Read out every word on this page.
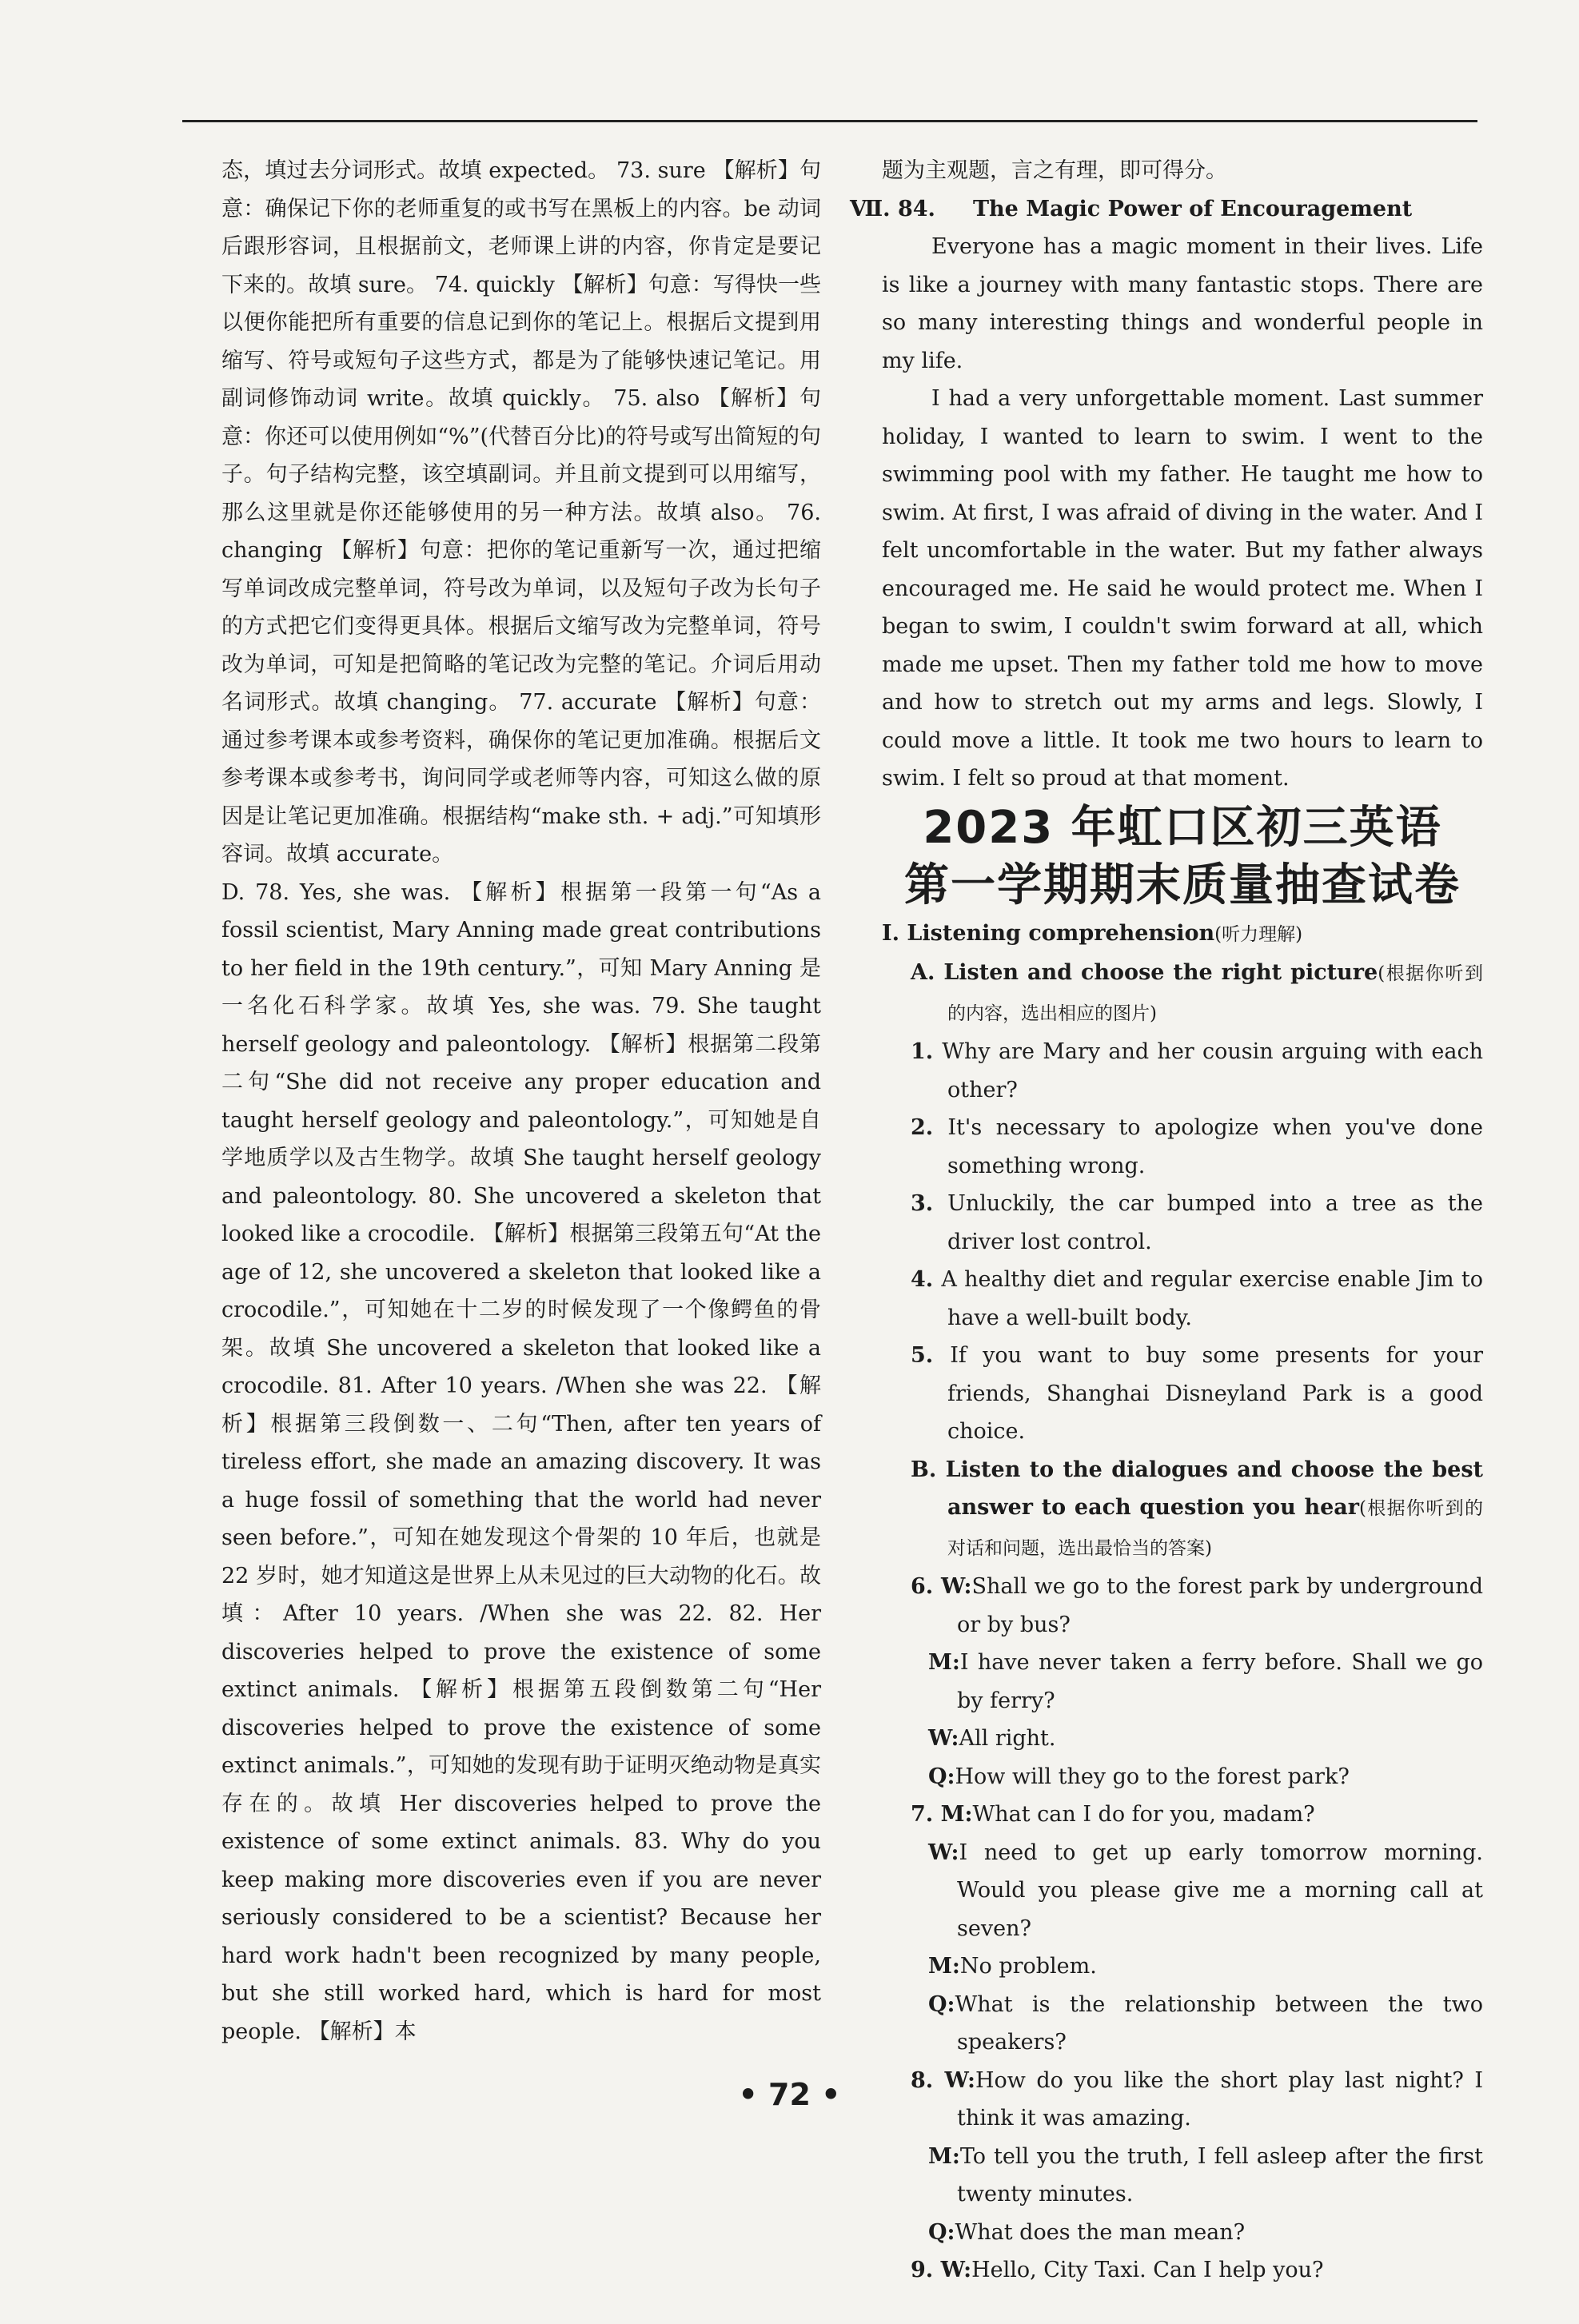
态，填过去分词形式。故填 expected。 73. sure 【解析】句意：确保记下你的老师重复的或书写在黑板上的内容。be 动词后跟形容词，且根据前文，老师课上讲的内容，你肯定是要记下来的。故填 sure。 74. quickly 【解析】句意：写得快一些以便你能把所有重要的信息记到你的笔记上。根据后文提到用缩写、符号或短句子这些方式，都是为了能够快速记笔记。用副词修饰动词 write。故填 quickly。 75. also 【解析】句意：你还可以使用例如“%”(代替百分比)的符号或写出简短的句子。句子结构完整，该空填副词。并且前文提到可以用缩写，那么这里就是你还能够使用的另一种方法。故填 also。 76. changing 【解析】句意：把你的笔记重新写一次，通过把缩写单词改成完整单词，符号改为单词，以及短句子改为长句子的方式把它们变得更具体。根据后文缩写改为完整单词，符号改为单词，可知是把简略的笔记改为完整的笔记。介词后用动名词形式。故填 changing。 77. accurate 【解析】句意：通过参考课本或参考资料，确保你的笔记更加准确。根据后文参考课本或参考书，询问同学或老师等内容，可知这么做的原因是让笔记更加准确。根据结构“make sth. + adj.”可知填形容词。故填 accurate。

D. 78. Yes, she was. 【解析】根据第一段第一句“As a fossil scientist, Mary Anning made great contributions to her field in the 19th century.”，可知 Mary Anning 是一名化石科学家。故填 Yes, she was. 79. She taught herself geology and paleontology. 【解析】根据第二段第二句“She did not receive any proper education and taught herself geology and paleontology.”，可知她是自学地质学以及古生物学。故填 She taught herself geology and paleontology. 80. She uncovered a skeleton that looked like a crocodile. 【解析】根据第三段第五句“At the age of 12, she uncovered a skeleton that looked like a crocodile.”，可知她在十二岁的时候发现了一个像鳄鱼的骨架。故填 She uncovered a skeleton that looked like a crocodile. 81. After 10 years. /When she was 22. 【解析】根据第三段倒数一、二句“Then, after ten years of tireless effort, she made an amazing discovery. It was a huge fossil of something that the world had never seen before.”，可知在她发现这个骨架的 10 年后，也就是 22 岁时，她才知道这是世界上从未见过的巨大动物的化石。故填：After 10 years. /When she was 22. 82. Her discoveries helped to prove the existence of some extinct animals. 【解析】根据第五段倒数第二句“Her discoveries helped to prove the existence of some extinct animals.”，可知她的发现有助于证明灭绝动物是真实存在的。故填 Her discoveries helped to prove the existence of some extinct animals. 83. Why do you keep making more discoveries even if you are never seriously considered to be a scientist? Because her hard work hadn't been recognized by many people, but she still worked hard, which is hard for most people. 【解析】本

题为主观题，言之有理，即可得分。

Ⅶ. 84. The Magic Power of Encouragement

Everyone has a magic moment in their lives. Life is like a journey with many fantastic stops. There are so many interesting things and wonderful people in my life.

I had a very unforgettable moment. Last summer holiday, I wanted to learn to swim. I went to the swimming pool with my father. He taught me how to swim. At first, I was afraid of diving in the water. And I felt uncomfortable in the water. But my father always encouraged me. He said he would protect me. When I began to swim, I couldn't swim forward at all, which made me upset. Then my father told me how to move and how to stretch out my arms and legs. Slowly, I could move a little. It took me two hours to learn to swim. I felt so proud at that moment.

2023 年虹口区初三英语
第一学期期末质量抽查试卷

Ⅰ. Listening comprehension(听力理解)

A. Listen and choose the right picture(根据你听到的内容，选出相应的图片)

1. Why are Mary and her cousin arguing with each other?

2. It's necessary to apologize when you've done something wrong.

3. Unluckily, the car bumped into a tree as the driver lost control.

4. A healthy diet and regular exercise enable Jim to have a well-built body.

5. If you want to buy some presents for your friends, Shanghai Disneyland Park is a good choice.

B. Listen to the dialogues and choose the best answer to each question you hear(根据你听到的对话和问题，选出最恰当的答案)

6. W:Shall we go to the forest park by underground or by bus?

M:I have never taken a ferry before. Shall we go by ferry?

W:All right.

Q:How will they go to the forest park?

7. M:What can I do for you, madam?

W:I need to get up early tomorrow morning. Would you please give me a morning call at seven?

M:No problem.

Q:What is the relationship between the two speakers?

8. W:How do you like the short play last night? I think it was amazing.

M:To tell you the truth, I fell asleep after the first twenty minutes.

Q:What does the man mean?

9. W:Hello, City Taxi. Can I help you?

• 72 •
